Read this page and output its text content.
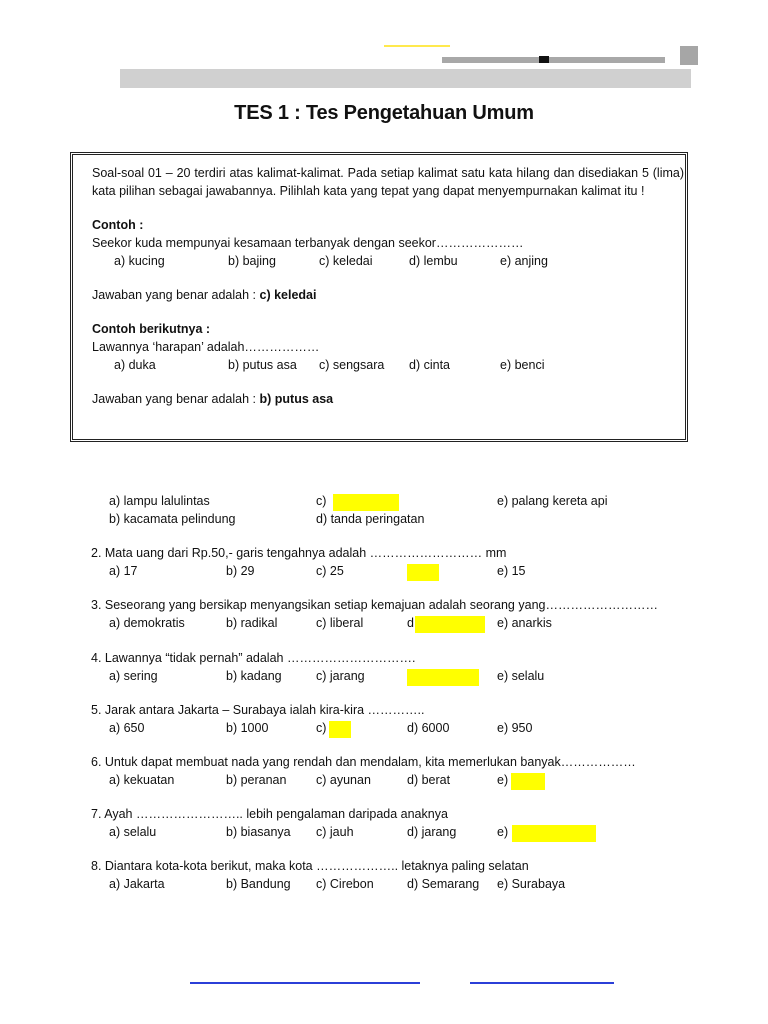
TES 1 : Tes Pengetahuan Umum

Soal-soal 01 – 20 terdiri atas kalimat-kalimat. Pada setiap kalimat satu kata hilang dan disediakan 5 (lima) kata pilihan sebagai jawabannya. Pilihlah kata yang tepat yang dapat menyempurnakan kalimat itu !

Contoh :

Seekor kuda mempunyai kesamaan terbanyak dengan seekor…………………

a) kucing	b) bajing	c) keledai	d) lembu	e) anjing

Jawaban yang benar adalah : c) keledai

Contoh berikutnya :

Lawannya ‘harapan’ adalah………………

a) duka	b) putus asa c) sengsara d) cinta	e) benci

Jawaban yang benar adalah : b) putus asa

a) lampu lalulintas	c)	e) palang kereta api
b) kacamata pelindung	d) tanda peringatan
2. Mata uang dari Rp.50,- garis tengahnya adalah ……………………… mm
a) 17	b) 29	c) 25	e) 15
3. Seseorang yang bersikap menyangsikan setiap kemajuan adalah seorang yang………………………
a) demokratis	b) radikal	c) liberal	d	e) anarkis
4. Lawannya “tidak pernah” adalah ………………………….
a) sering	b) kadang	c) jarang	e) selalu
5. Jarak antara Jakarta – Surabaya ialah kira-kira …………..
a) 650	b) 1000	c)	d) 6000	e) 950
6. Untuk dapat membuat nada yang rendah dan mendalam, kita memerlukan banyak………………
a) kekuatan	b) peranan c) ayunan	d) berat	e)
7. Ayah …………………….. lebih pengalaman daripada anaknya
a) selalu	b) biasanya c) jauh	d) jarang	e)
8. Diantara kota-kota berikut, maka kota ……………….. letaknya paling selatan
a) Jakarta	b) Bandung c) Cirebon	d) Semarang e) Surabaya
